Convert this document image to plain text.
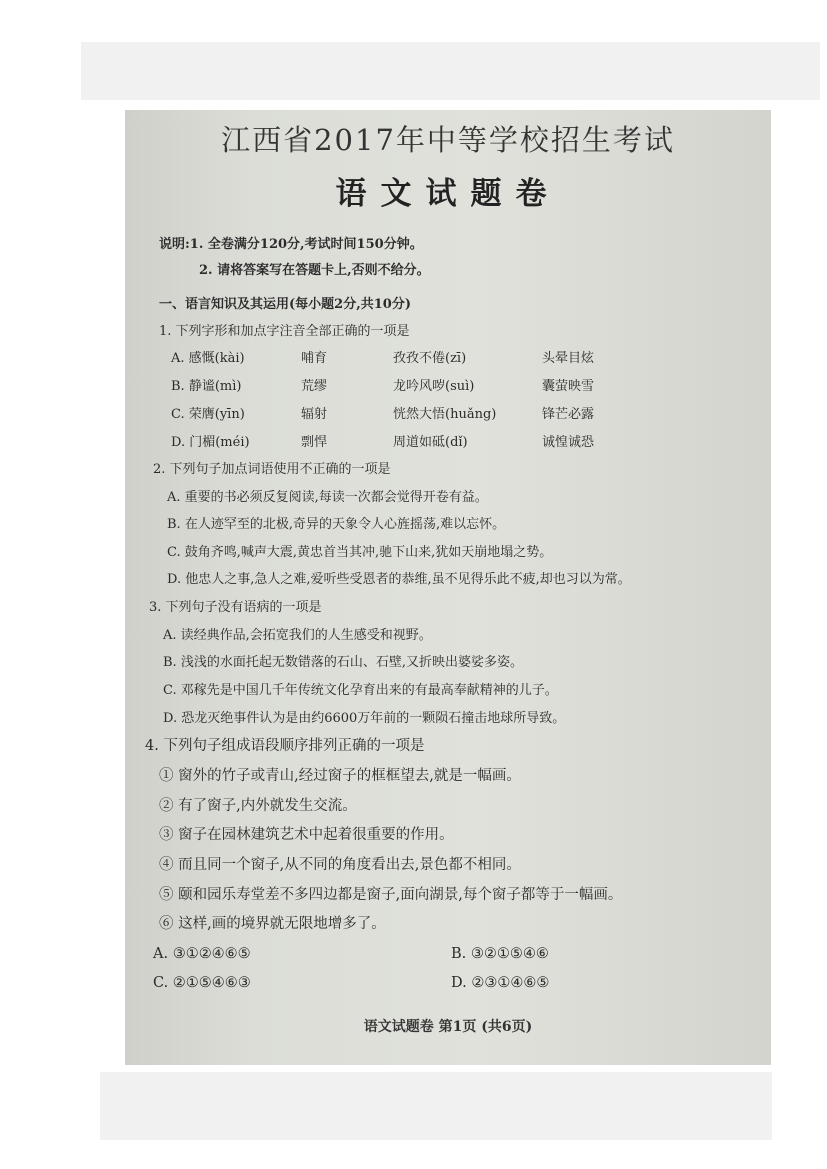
江西省2017年中等学校招生考试
语文试题卷
说明:1. 全卷满分120分,考试时间150分钟。
2. 请将答案写在答题卡上,否则不给分。
一、语言知识及其运用(每小题2分,共10分)
1. 下列字形和加点字注音全部正确的一项是
A. 感慨(kài)	哺育	孜孜不倦(zī)	头晕目炫
B. 静谧(mì)	荒缪	龙吟风哕(suì)	囊萤映雪
C. 荣膺(yīn)	辐射	恍然大悟(huǎng)	锋芒必露
D. 门楣(méi)	剽悍	周道如砥(dǐ)	诚惶诚恐
2. 下列句子加点词语使用不正确的一项是
A. 重要的书必须反复阅读,每读一次都会觉得开卷有益。
B. 在人迹罕至的北极,奇异的天象令人心旌摇荡,难以忘怀。
C. 鼓角齐鸣,喊声大震,黄忠首当其冲,驰下山来,犹如天崩地塌之势。
D. 他忠人之事,急人之难,爱听些受恩者的恭维,虽不见得乐此不疲,却也习以为常。
3. 下列句子没有语病的一项是
A. 读经典作品,会拓宽我们的人生感受和视野。
B. 浅浅的水面托起无数错落的石山、石壁,又折映出婆娑多姿。
C. 邓稼先是中国几千年传统文化孕育出来的有最高奉献精神的儿子。
D. 恐龙灭绝事件认为是由约6600万年前的一颗陨石撞击地球所导致。
4. 下列句子组成语段顺序排列正确的一项是
① 窗外的竹子或青山,经过窗子的框框望去,就是一幅画。
② 有了窗子,内外就发生交流。
③ 窗子在园林建筑艺术中起着很重要的作用。
④ 而且同一个窗子,从不同的角度看出去,景色都不相同。
⑤ 颐和园乐寿堂差不多四边都是窗子,面向湖景,每个窗子都等于一幅画。
⑥ 这样,画的境界就无限地增多了。
A. ③①②④⑥⑤	B. ③②①⑤④⑥
C. ②①⑤④⑥③	D. ②③①④⑥⑤
语文试题卷 第1页 (共6页)
